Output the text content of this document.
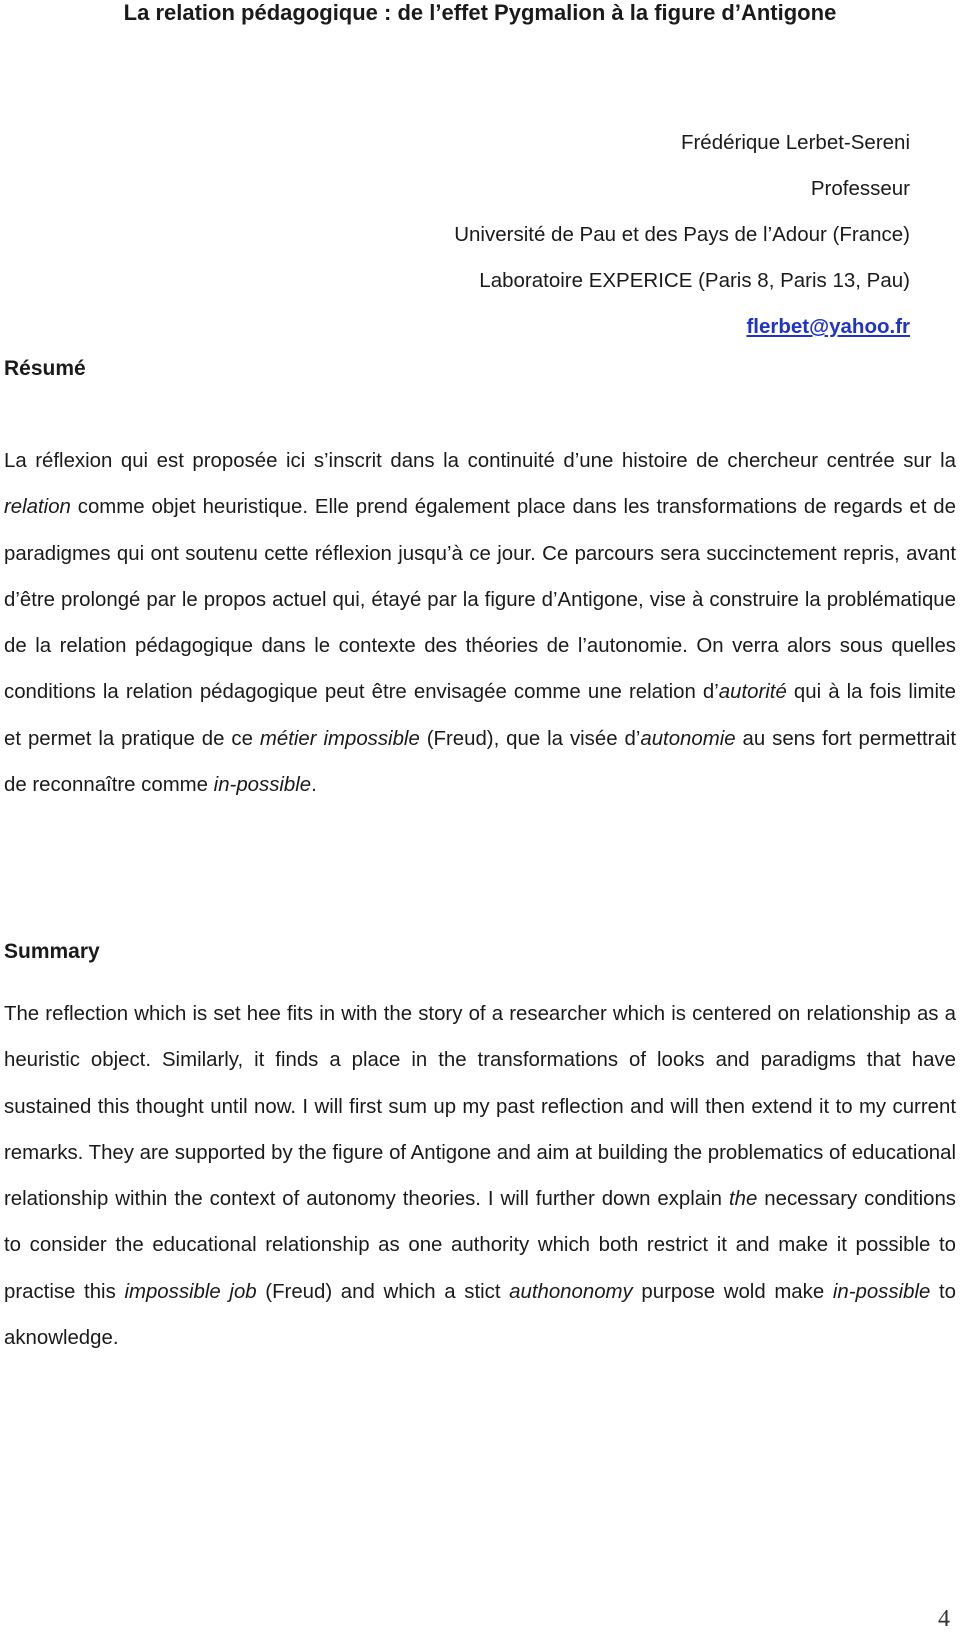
La relation pédagogique : de l’effet Pygmalion à la figure d’Antigone
Frédérique Lerbet-Sereni
Professeur
Université de Pau et des Pays de l’Adour (France)
Laboratoire EXPERICE (Paris 8, Paris 13, Pau)
flerbet@yahoo.fr
Résumé

La réflexion qui est proposée ici s’inscrit dans la continuité d’une histoire de chercheur centrée sur la relation comme objet heuristique. Elle prend également place dans les transformations de regards et de paradigmes qui ont soutenu cette réflexion jusqu’à ce jour. Ce parcours sera succinctement repris, avant d’être prolongé par le propos actuel qui, étayé par la figure d’Antigone, vise à construire la problématique de la relation pédagogique dans le contexte des théories de l’autonomie. On verra alors sous quelles conditions la relation pédagogique peut être envisagée comme une relation d’autorité qui à la fois limite et permet la pratique de ce métier impossible (Freud), que la visée d’autonomie au sens fort permettrait de reconnaître comme in-possible.

Summary

The reflection which is set hee fits in with the story of a researcher which is centered on relationship as a heuristic object. Similarly, it finds a place in the transformations of looks and paradigms that have sustained this thought until now. I will first sum up my past reflection and will then extend it to my current remarks. They are supported by the figure of Antigone and aim at building the problematics of educational relationship within the context of autonomy theories. I will further down explain the necessary conditions to consider the educational relationship as one authority which both restrict it and make it possible to practise this impossible job (Freud) and which a stict authononomy purpose wold make in-possible to aknowledge.

4
